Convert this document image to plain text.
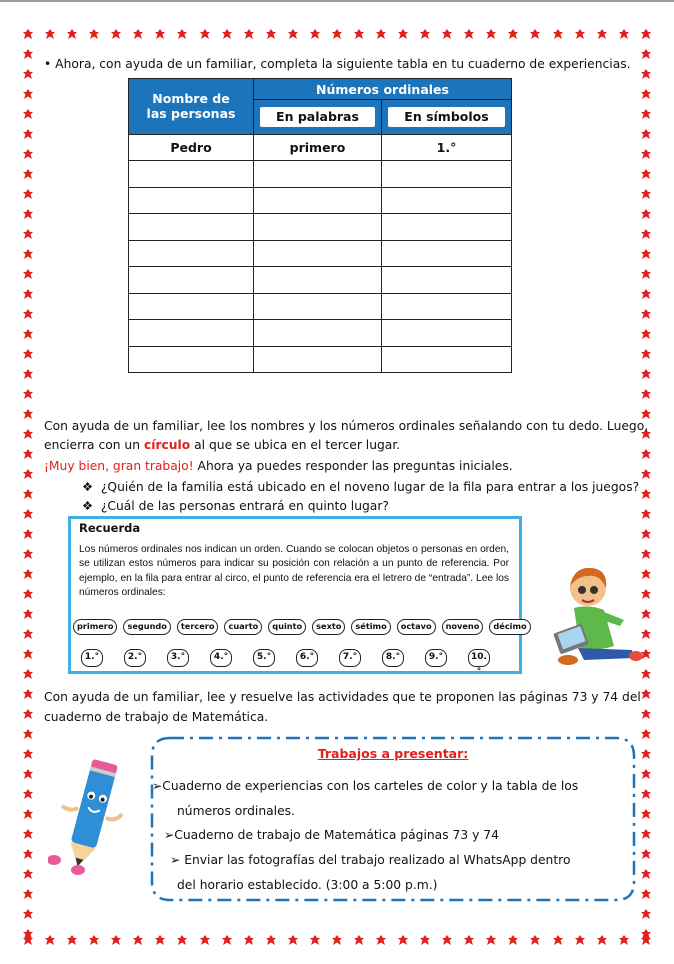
• Ahora, con ayuda de un familiar, completa la siguiente tabla en tu cuaderno de experiencias.
Nombre de
las personas	Números ordinales	

	En palabras	En símbolos

Pedro	primero	1.°

Con ayuda de un familiar, lee los nombres y los números ordinales señalando con tu dedo. Luego,
encierra con un círculo al que se ubica en el tercer lugar.
¡Muy bien, gran trabajo! Ahora ya puedes responder las preguntas iniciales.
❖ ¿Quién de la familia está ubicado en el noveno lugar de la fila para entrar a los juegos?
❖ ¿Cuál de las personas entrará en quinto lugar?
Recuerda
Los números ordinales nos indican un orden. Cuando se colocan objetos o personas en orden, se utilizan estos números para indicar su posición con relación a un punto de referencia. Por ejemplo, en la fila para entrar al circo, el punto de referencia era el letrero de “entrada”. Lee los números ordinales:
primero	segundo	tercero	cuarto	quinto	sexto	sétimo	octavo	noveno	décimo
1.°	2.°	3.°	4.°	5.°	6.°	7.°	8.°	9.°	10.°
Con ayuda de un familiar, lee y resuelve las actividades que te proponen las páginas 73 y 74 del
cuaderno de trabajo de Matemática.
Trabajos a presentar:
➢Cuaderno de experiencias con los carteles de color y la tabla de los
números ordinales.
➢Cuaderno de trabajo de Matemática páginas 73 y 74
➢ Enviar las fotografías del trabajo realizado al WhatsApp dentro
del horario establecido. (3:00 a 5:00 p.m.)
